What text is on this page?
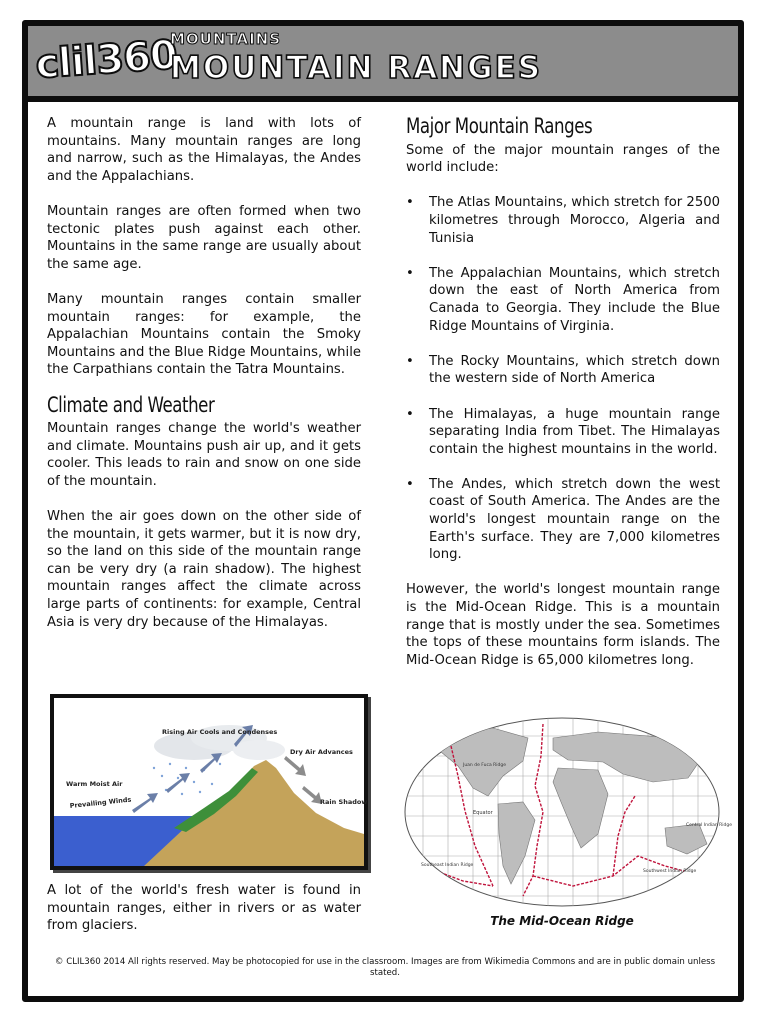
clil360
MOUNTAINS
MOUNTAIN RANGES

A mountain range is land with lots of mountains. Many mountain ranges are long and narrow, such as the Himalayas, the Andes and the Appalachians.

Mountain ranges are often formed when two tectonic plates push against each other. Mountains in the same range are usually about the same age.

Many mountain ranges contain smaller mountain ranges: for example, the Appalachian Mountains contain the Smoky Mountains and the Blue Ridge Mountains, while the Carpathians contain the Tatra Mountains.

Climate and Weather

Mountain ranges change the world's weather and climate. Mountains push air up, and it gets cooler. This leads to rain and snow on one side of the mountain.

When the air goes down on the other side of the mountain, it gets warmer, but it is now dry, so the land on this side of the mountain range can be very dry (a rain shadow). The highest mountain ranges affect the climate across large parts of continents: for example, Central Asia is very dry because of the Himalayas.

Rising Air Cools and Condenses
Dry Air Advances
Warm Moist Air
Prevailing Winds	Rain Shadow
A lot of the world's fresh water is found in mountain ranges, either in rivers or as water from glaciers.
Major Mountain Ranges

Some of the major mountain ranges of the world include:

• The Atlas Mountains, which stretch for 2500 kilometres through Morocco, Algeria and Tunisia
• The Appalachian Mountains, which stretch down the east of North America from Canada to Georgia. They include the Blue Ridge Mountains of Virginia.
• The Rocky Mountains, which stretch down the western side of North America
• The Himalayas, a huge mountain range separating India from Tibet. The Himalayas contain the highest mountains in the world.
• The Andes, which stretch down the west coast of South America. The Andes are the world's longest mountain range on the Earth's surface. They are 7,000 kilometres long.

However, the world's longest mountain range is the Mid-Ocean Ridge. This is a mountain range that is mostly under the sea. Sometimes the tops of these mountains form islands. The Mid-Ocean Ridge is 65,000 kilometres long.

Juan de Fuca Ridge
Equator
Central Indian Ridge
Southeast Indian Ridge
Southwest Indian Ridge
The Mid-Ocean Ridge
© CLIL360 2014 All rights reserved. May be photocopied for use in the classroom. Images are from Wikimedia Commons and are in public domain unless stated.
